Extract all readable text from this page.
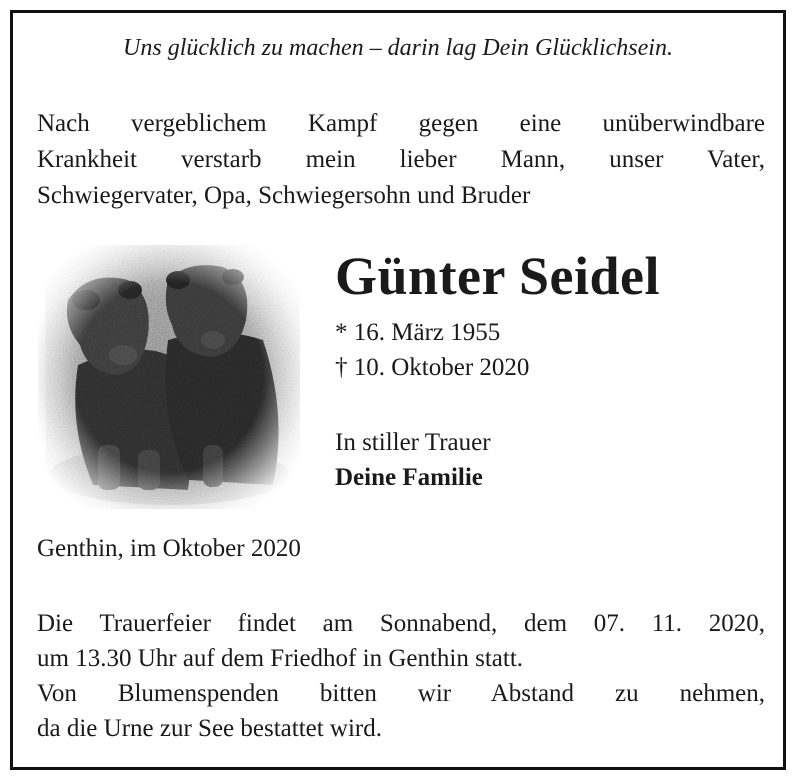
Uns glücklich zu machen – darin lag Dein Glücklichsein.
Nach vergeblichem Kampf gegen eine unüberwindbare
Krankheit verstarb mein lieber Mann, unser Vater,
Schwiegervater, Opa, Schwiegersohn und Bruder
Günter Seidel
* 16. März 1955
† 10. Oktober 2020
In stiller Trauer
Deine Familie
Genthin, im Oktober 2020
Die Trauerfeier findet am Sonnabend, dem 07. 11. 2020,
um 13.30 Uhr auf dem Friedhof in Genthin statt.
Von Blumenspenden bitten wir Abstand zu nehmen,
da die Urne zur See bestattet wird.
